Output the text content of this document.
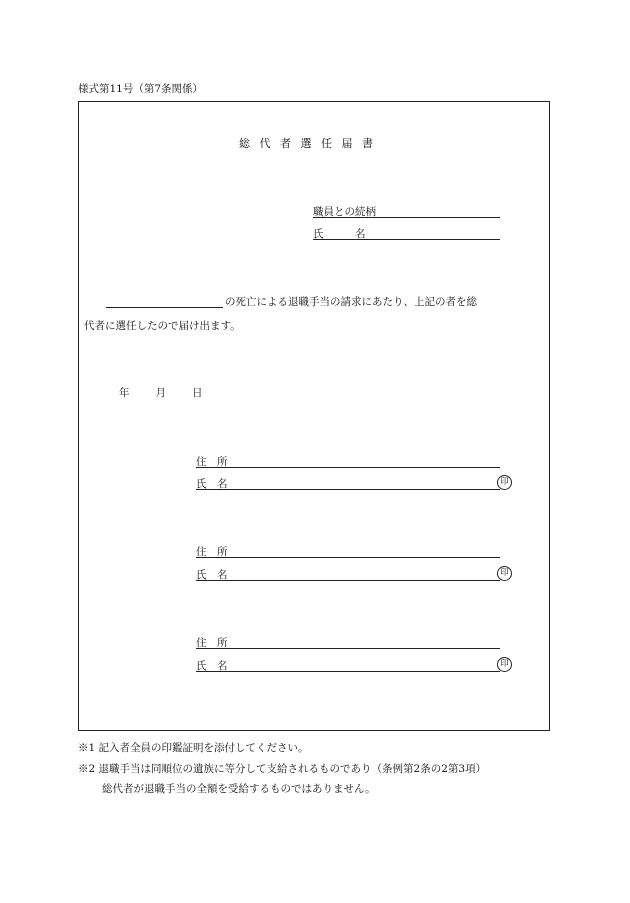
様式第11号（第7条関係）
総 代 者 選 任 届 書
職員との続柄
氏　　　名
の死亡による退職手当の請求にあたり、上記の者を総
代者に選任したので届け出ます。
年 月 日
住　所
氏　名	印
住　所
氏　名	印
住　所
氏　名	印
※1 記入者全員の印鑑証明を添付してください。
※2 退職手当は同順位の遺族に等分して支給されるものであり（条例第2条の2第3項）
総代者が退職手当の全額を受給するものではありません。
